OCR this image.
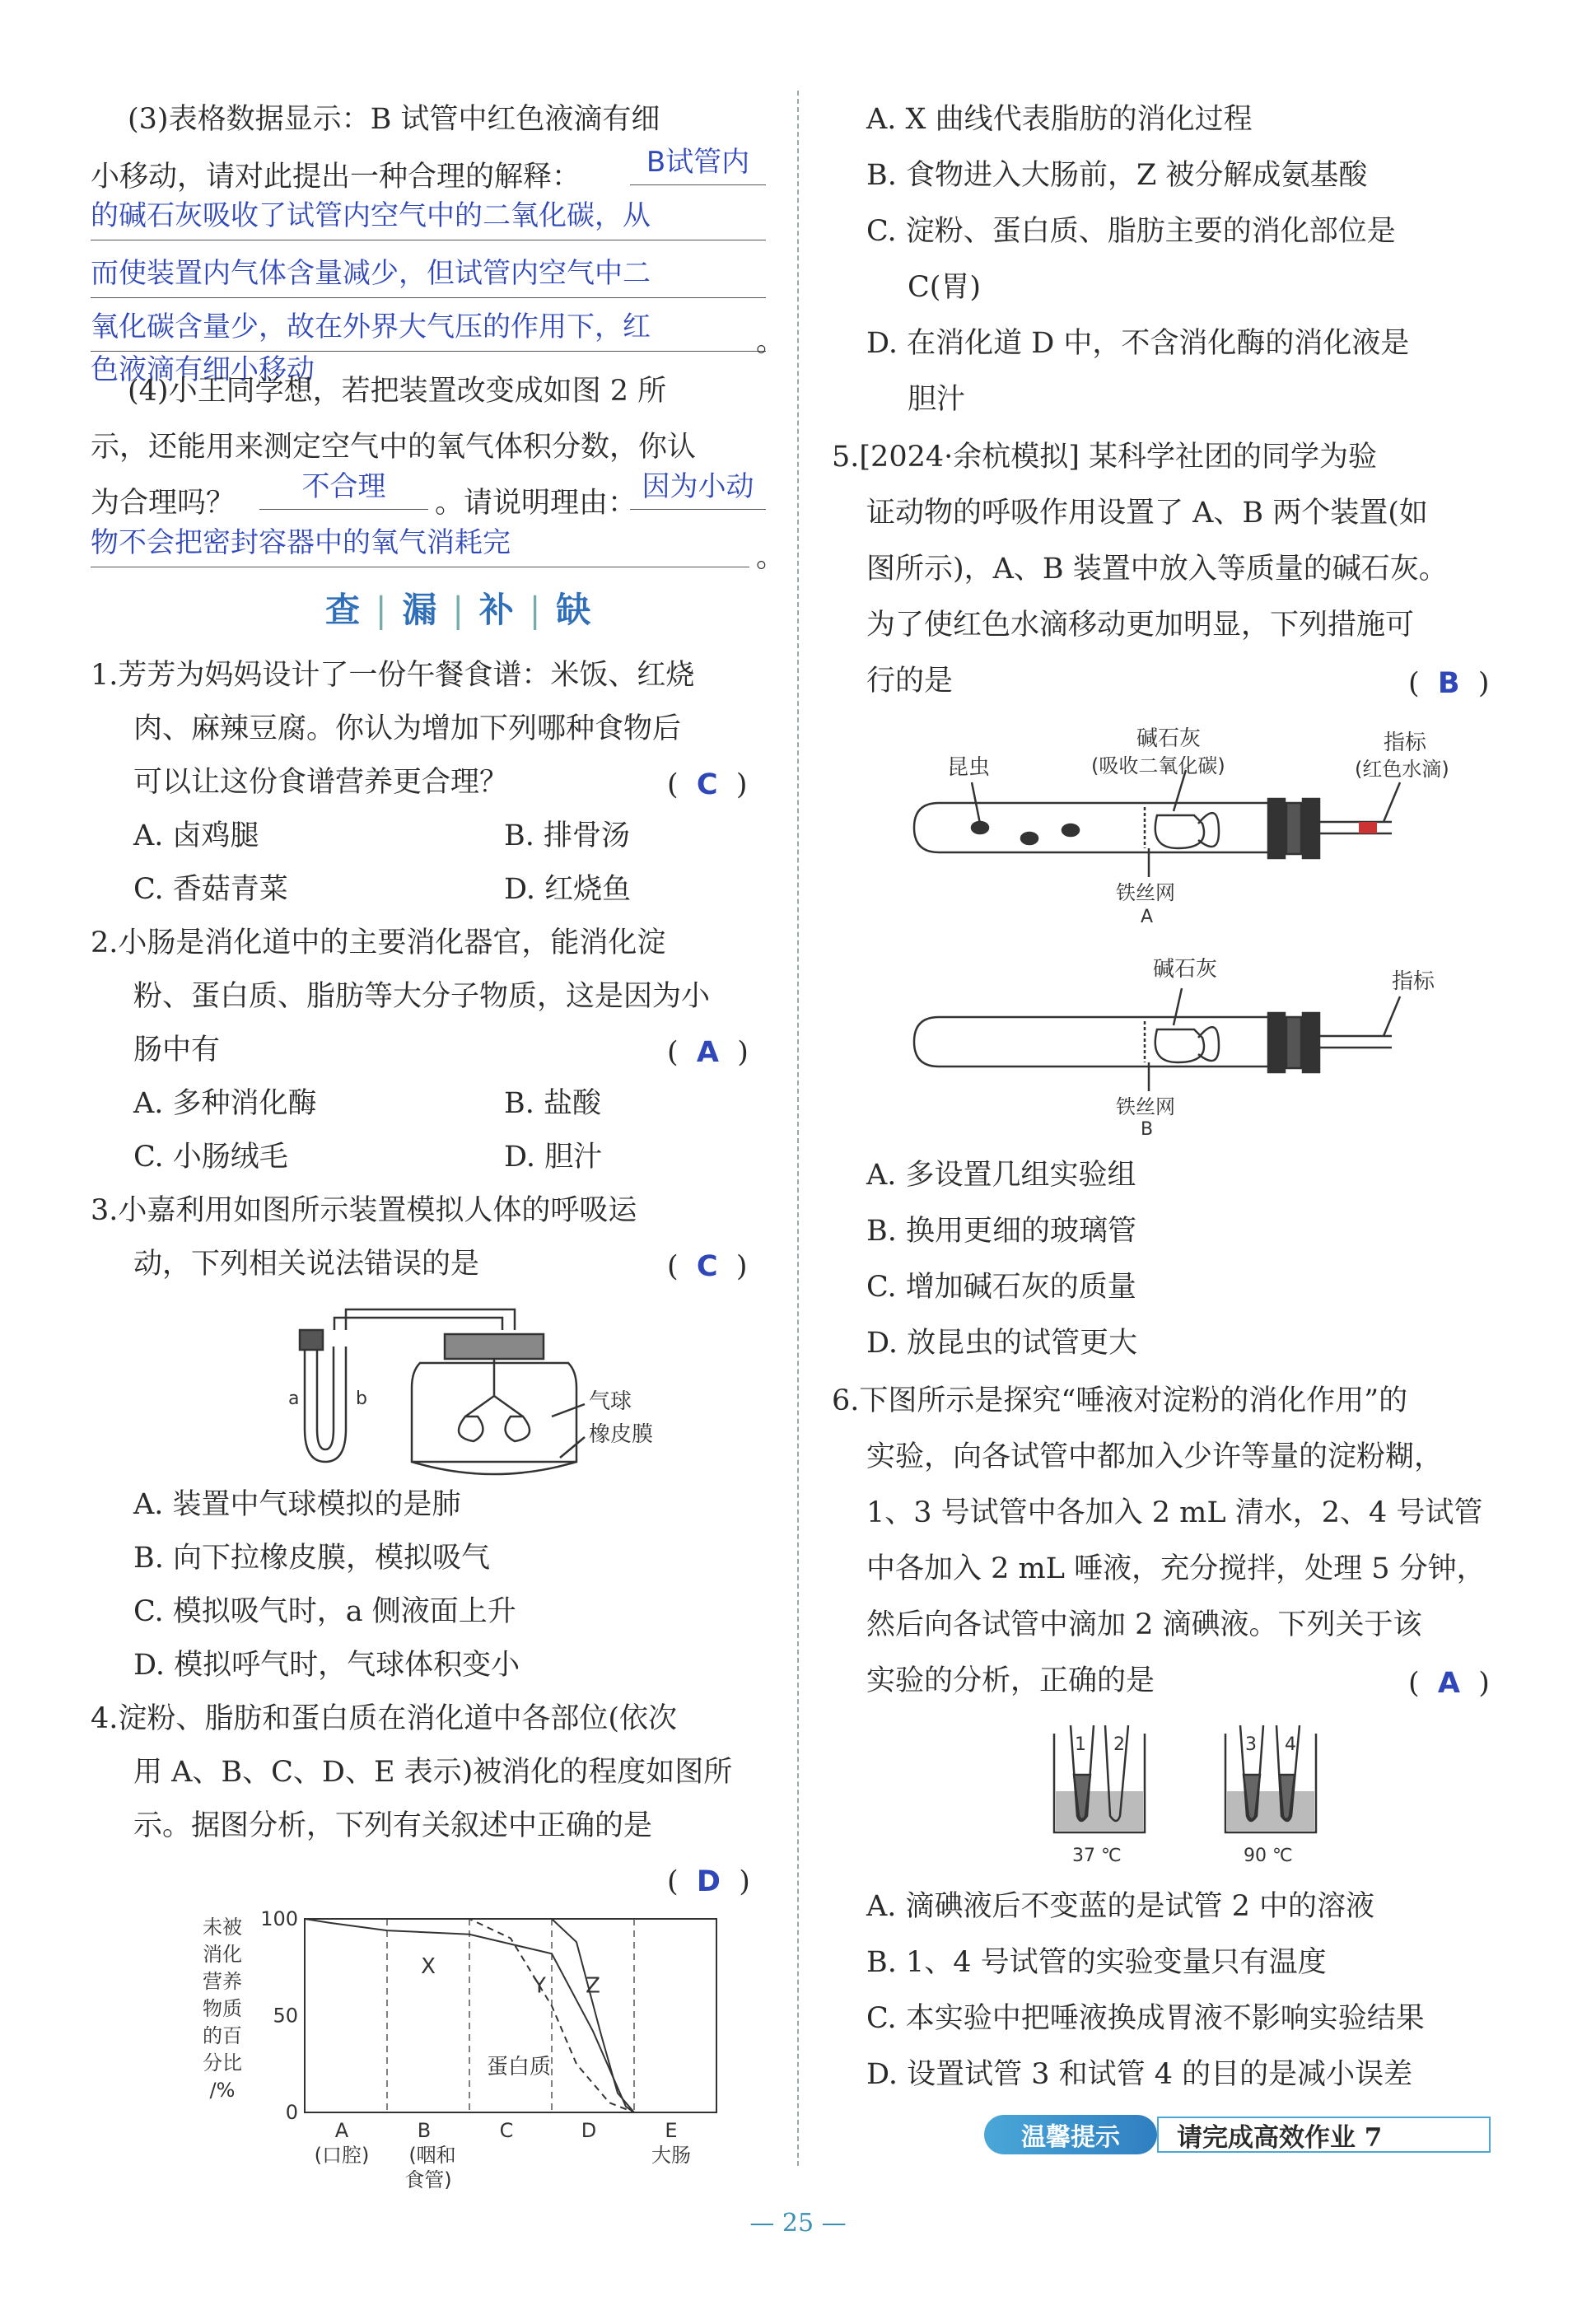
(3)表格数据显示：B 试管中红色液滴有细
小移动，请对此提出一种合理的解释：	B试管内
的碱石灰吸收了试管内空气中的二氧化碳，从
而使装置内气体含量减少，但试管内空气中二
氧化碳含量少，故在外界大气压的作用下，红	。
色液滴有细小移动
(4)小王同学想，若把装置改变成如图 2 所
示，还能用来测定空气中的氧气体积分数，你认
为合理吗？	不合理	。请说明理由： 因为小动
物不会把密封容器中的氧气消耗完	。
查 | 漏 | 补 | 缺
1.芳芳为妈妈设计了一份午餐食谱：米饭、红烧
肉、麻辣豆腐。你认为增加下列哪种食物后
可以让这份食谱营养更合理？	(  C  )
A. 卤鸡腿	B. 排骨汤
C. 香菇青菜	D. 红烧鱼
2.小肠是消化道中的主要消化器官，能消化淀
粉、蛋白质、脂肪等大分子物质，这是因为小
肠中有	(  A  )
A. 多种消化酶	B. 盐酸
C. 小肠绒毛	D. 胆汁
3.小嘉利用如图所示装置模拟人体的呼吸运
动，下列相关说法错误的是	(  C  )
a	b	气球
橡皮膜
A. 装置中气球模拟的是肺
B. 向下拉橡皮膜，模拟吸气
C. 模拟吸气时，a 侧液面上升
D. 模拟呼气时，气球体积变小
4.淀粉、脂肪和蛋白质在消化道中各部位(依次
用 A、B、C、D、E 表示)被消化的程度如图所
示。据图分析，下列有关叙述中正确的是
(  D  )
100
50
0
未被
消化
营养
物质
的百
分比
/%
A	B	C	D	E
(口腔) (咽和
食管)
大肠
X
Y Z
蛋白质
A. X 曲线代表脂肪的消化过程
B. 食物进入大肠前，Z 被分解成氨基酸
C. 淀粉、蛋白质、脂肪主要的消化部位是
C(胃)
D. 在消化道 D 中，不含消化酶的消化液是
胆汁
5.[2024·余杭模拟] 某科学社团的同学为验
证动物的呼吸作用设置了 A、B 两个装置(如
图所示)，A、B 装置中放入等质量的碱石灰。
为了使红色水滴移动更加明显，下列措施可
行的是	(  B  )
昆虫
碱石灰
(吸收二氧化碳)
指标
(红色水滴)
铁丝网
A
碱石灰	指标
铁丝网
B
A. 多设置几组实验组
B. 换用更细的玻璃管
C. 增加碱石灰的质量
D. 放昆虫的试管更大
6.下图所示是探究“唾液对淀粉的消化作用”的
实验，向各试管中都加入少许等量的淀粉糊，
1、3 号试管中各加入 2 mL 清水，2、4 号试管
中各加入 2 mL 唾液，充分搅拌，处理 5 分钟，
然后向各试管中滴加 2 滴碘液。下列关于该
实验的分析，正确的是	(  A  )
1 2	3 4
37 ℃	90 ℃
A. 滴碘液后不变蓝的是试管 2 中的溶液
B. 1、4 号试管的实验变量只有温度
C. 本实验中把唾液换成胃液不影响实验结果
D. 设置试管 3 和试管 4 的目的是减小误差
温馨提示	请完成高效作业 7
— 25 —
